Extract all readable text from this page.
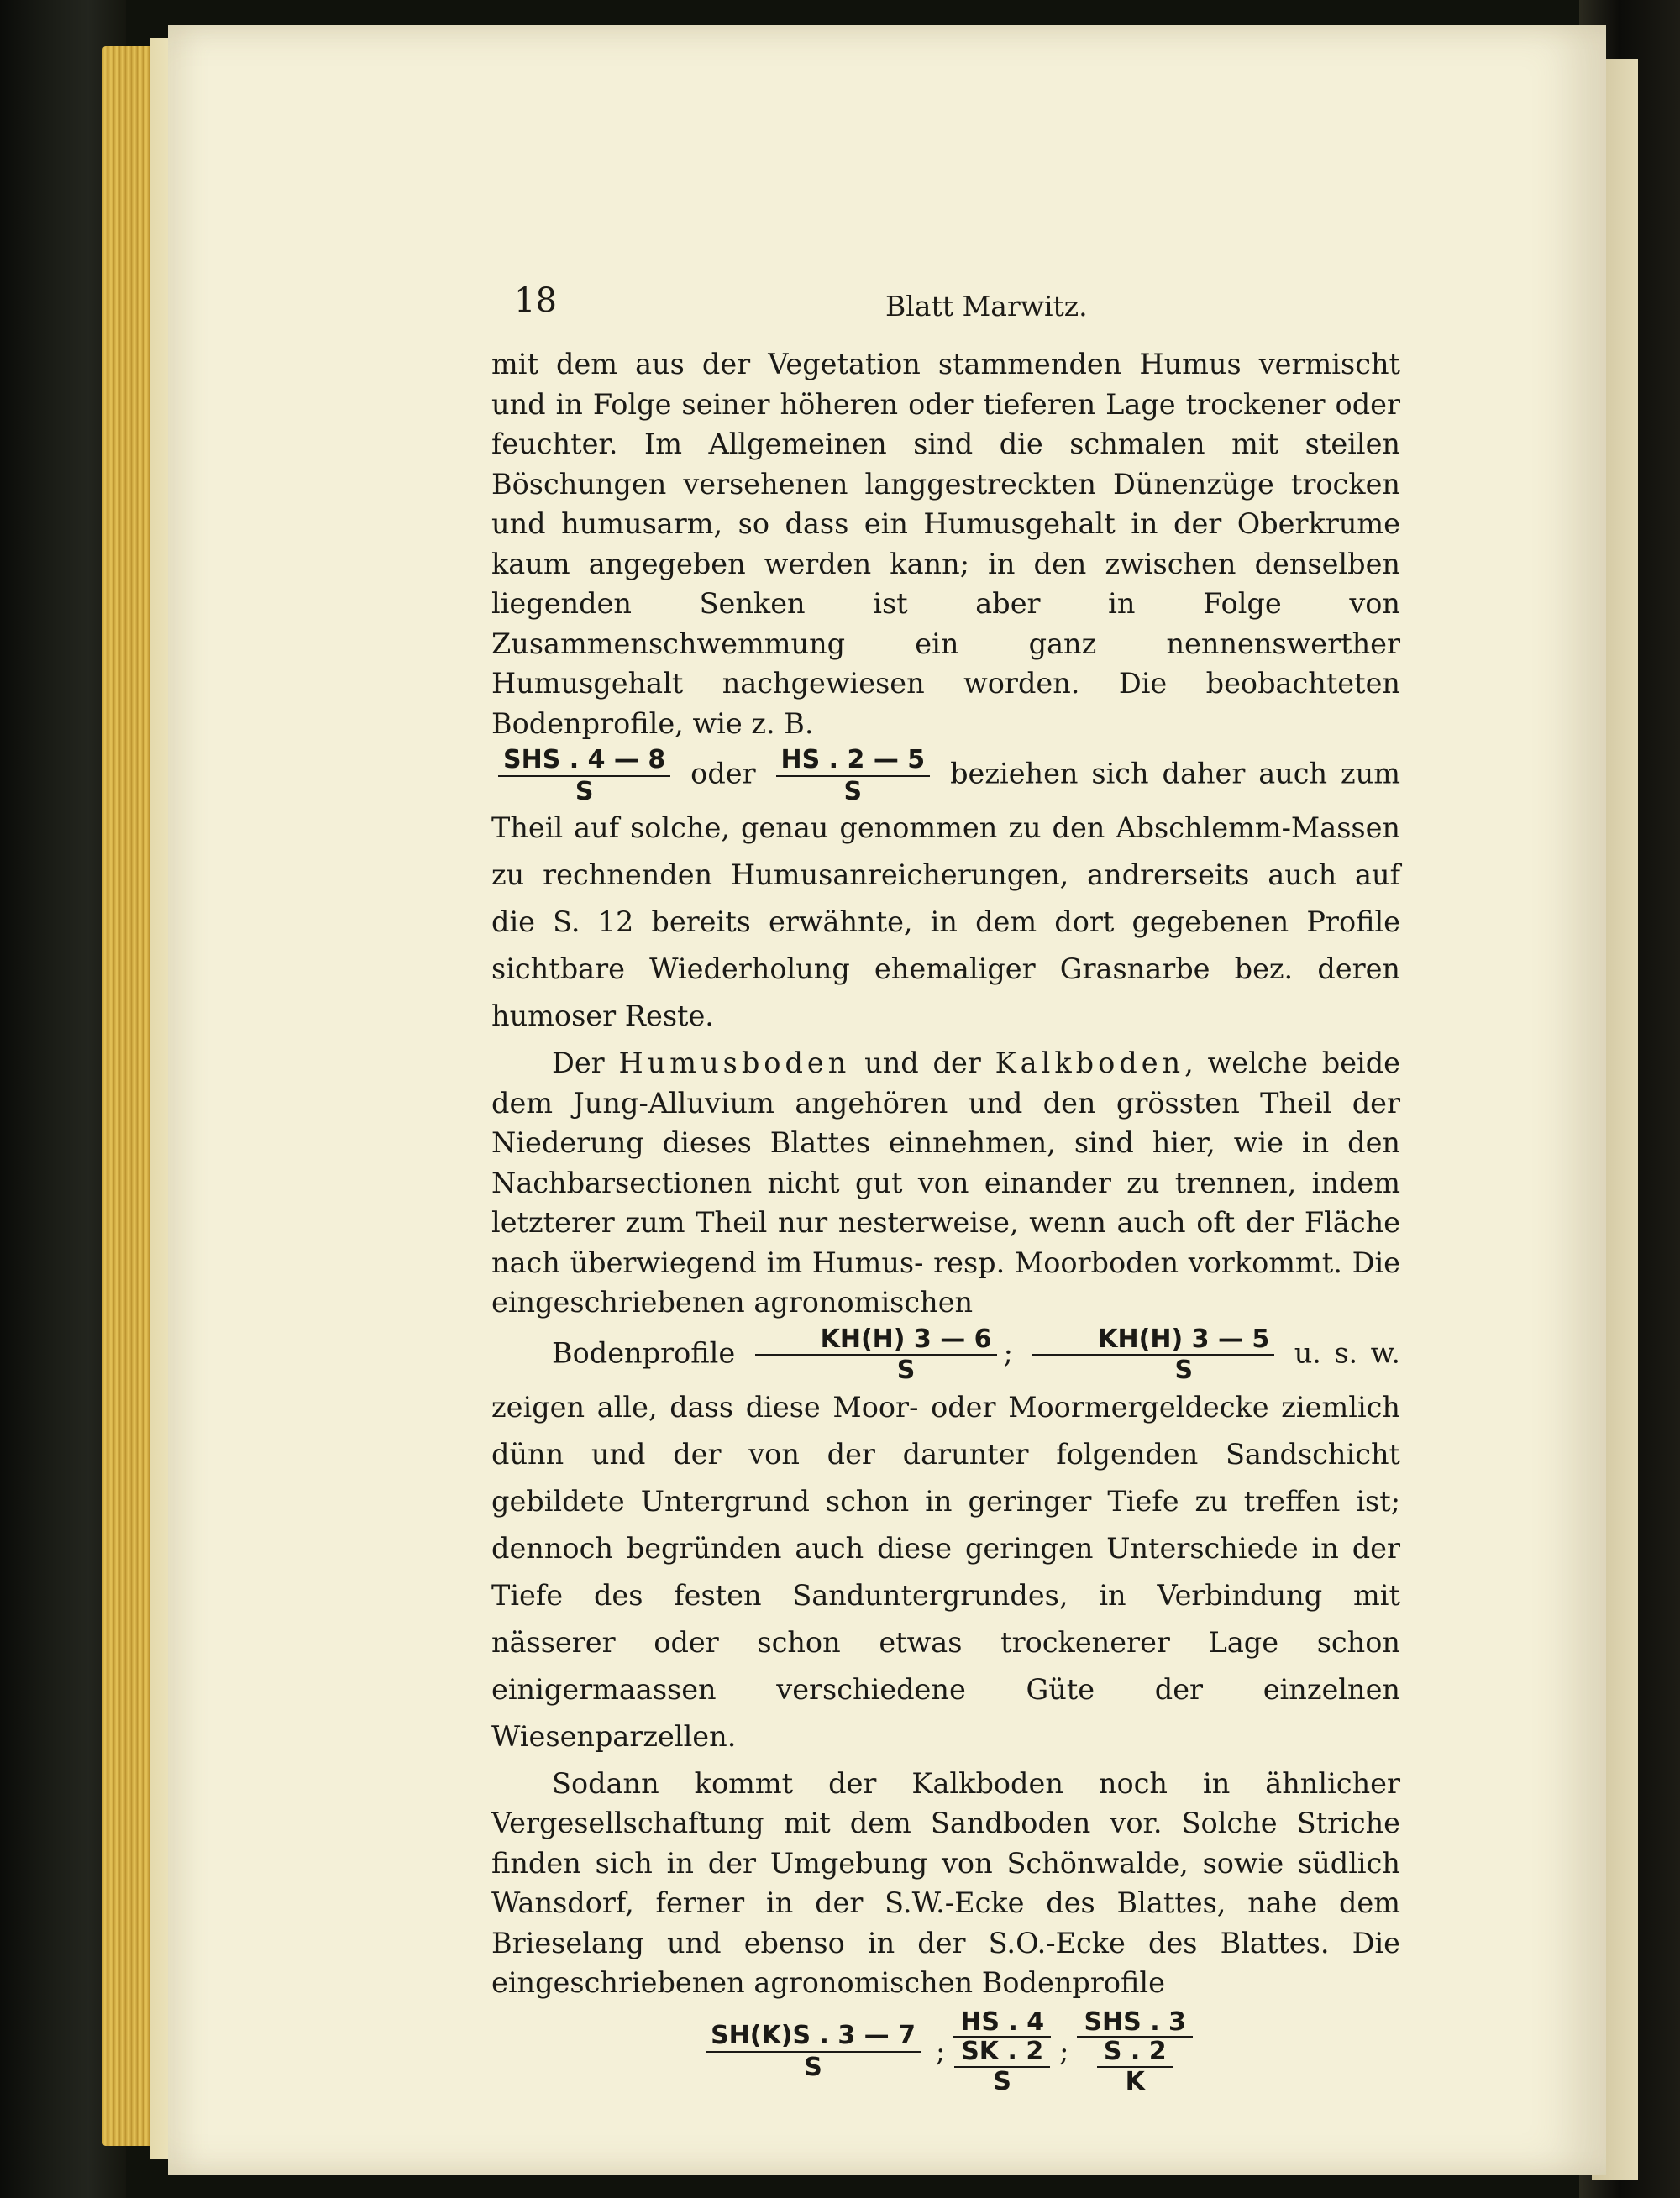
18	Blatt Marwitz.

mit dem aus der Vegetation stammenden Humus vermischt und in Folge seiner höheren oder tieferen Lage trockener oder feuchter. Im Allgemeinen sind die schmalen mit steilen Böschungen versehenen langgestreckten Dünenzüge trocken und humusarm, so dass ein Humusgehalt in der Oberkrume kaum angegeben werden kann; in den zwischen denselben liegenden Senken ist aber in Folge von Zusammenschwemmung ein ganz nennenswerther Humusgehalt nachgewiesen worden. Die beobachteten Bodenprofile, wie z. B.
$\frac{\text{SHS . 4 — 8}}{S}$ oder $\frac{HS . 2 — 5}{S}$ beziehen sich daher auch zum Theil auf solche, genau genommen zu den Abschlemm-Massen zu rechnenden Humusanreicherungen, andrerseits auch auf die S. 12 bereits erwähnte, in dem dort gegebenen Profile sichtbare Wiederholung ehemaliger Grasnarbe bez. deren humoser Reste.

Der Humusboden und der Kalkboden, welche beide dem Jung-Alluvium angehören und den grössten Theil der Niederung dieses Blattes einnehmen, sind hier, wie in den Nachbarsectionen nicht gut von einander zu trennen, indem letzterer zum Theil nur nesterweise, wenn auch oft der Fläche nach überwiegend im Humus- resp. Moorboden vorkommt. Die eingeschriebenen agronomischen
Bodenprofile $\frac{KH(H) 3 — 6}{S}$ ; $\frac{KH(H) 3 — 5}{S} u$. s. w. zeigen alle, dass diese Moor- oder Moormergeldecke ziemlich dünn und der von der darunter folgenden Sandschicht gebildete Untergrund schon in geringer Tiefe zu treffen ist; dennoch begründen auch diese geringen Unterschiede in der Tiefe des festen Sanduntergrundes, in Verbindung mit nässerer oder schon etwas trockenerer Lage schon einigermaassen verschiedene Güte der einzelnen Wiesenparzellen.

Sodann kommt der Kalkboden noch in ähnlicher Vergesellschaftung mit dem Sandboden vor. Solche Striche finden sich in der Umgebung von Schönwalde, sowie südlich Wansdorf, ferner in der S.W.-Ecke des Blattes, nahe dem Brieselang und ebenso in der S.O.-Ecke des Blattes. Die eingeschriebenen agronomischen Bodenprofile

$\frac{SH(K)S . 3 — 7}{S}$ ;
HS . 4
SK . 2
S
;
SHS . 3
S . 2
K
